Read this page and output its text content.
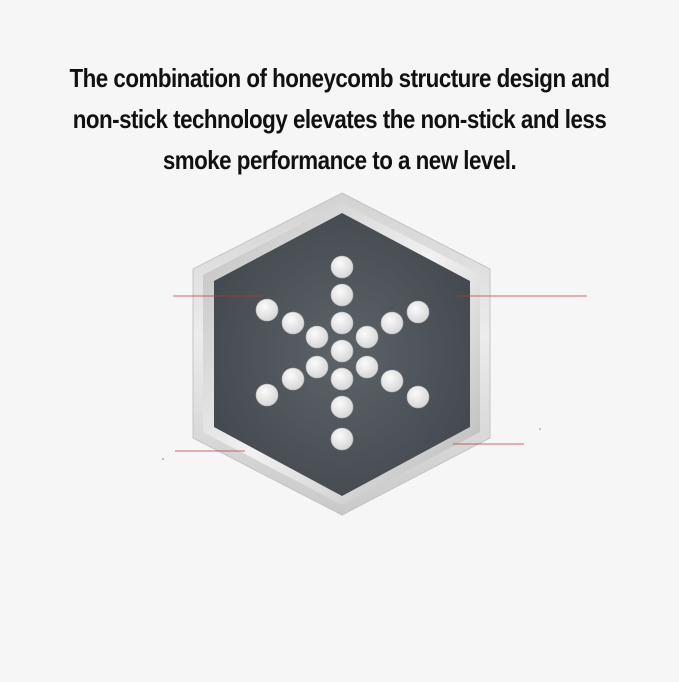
The combination of honeycomb structure design and
non-stick technology elevates the non-stick and less
smoke performance to a new level.
